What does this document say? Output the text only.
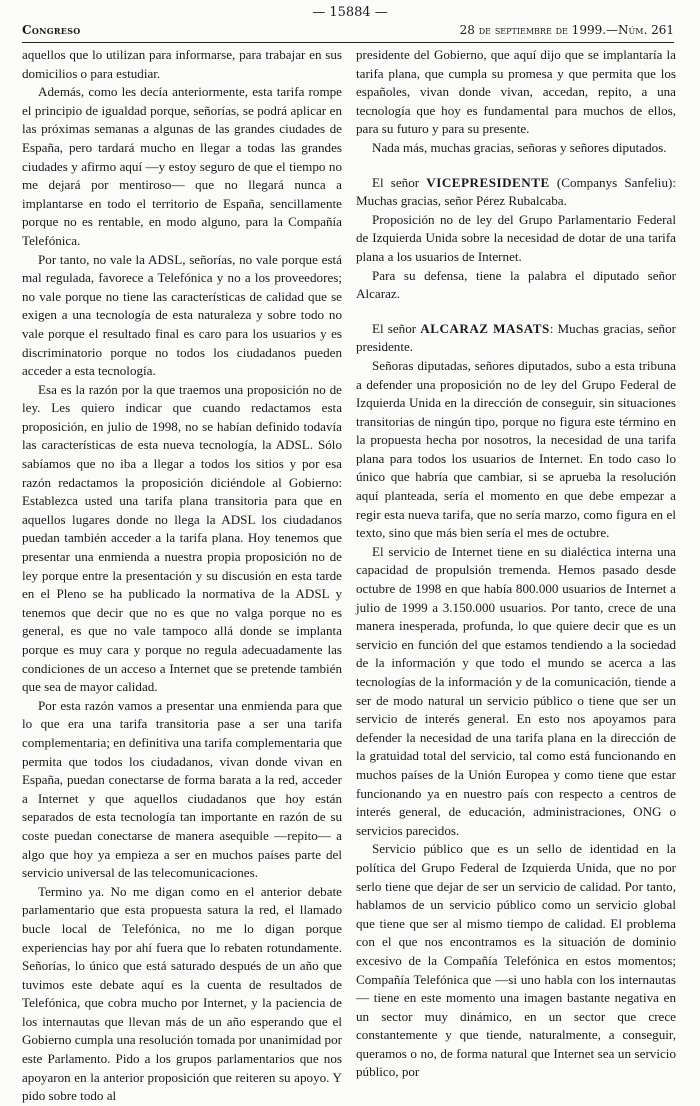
— 15884 —
Congreso	28 de septiembre de 1999.—Núm. 261

aquellos que lo utilizan para informarse, para trabajar en sus domicilios o para estudiar.

Además, como les decía anteriormente, esta tarifa rompe el principio de igualdad porque, señorías, se podrá aplicar en las próximas semanas a algunas de las grandes ciudades de España, pero tardará mucho en llegar a todas las grandes ciudades y afirmo aquí —y estoy seguro de que el tiempo no me dejará por mentiroso— que no llegará nunca a implantarse en todo el territorio de España, sencillamente porque no es rentable, en modo alguno, para la Compañía Telefónica.

Por tanto, no vale la ADSL, señorías, no vale porque está mal regulada, favorece a Telefónica y no a los proveedores; no vale porque no tiene las características de calidad que se exigen a una tecnología de esta naturaleza y sobre todo no vale porque el resultado final es caro para los usuarios y es discriminatorio porque no todos los ciudadanos pueden acceder a esta tecnología.

Esa es la razón por la que traemos una proposición no de ley. Les quiero indicar que cuando redactamos esta proposición, en julio de 1998, no se habían definido todavía las características de esta nueva tecnología, la ADSL. Sólo sabíamos que no iba a llegar a todos los sitios y por esa razón redactamos la proposición diciéndole al Gobierno: Establezca usted una tarifa plana transitoria para que en aquellos lugares donde no llega la ADSL los ciudadanos puedan también acceder a la tarifa plana. Hoy tenemos que presentar una enmienda a nuestra propia proposición no de ley porque entre la presentación y su discusión en esta tarde en el Pleno se ha publicado la normativa de la ADSL y tenemos que decir que no es que no valga porque no es general, es que no vale tampoco allá donde se implanta porque es muy cara y porque no regula adecuadamente las condiciones de un acceso a Internet que se pretende también que sea de mayor calidad.

Por esta razón vamos a presentar una enmienda para que lo que era una tarifa transitoria pase a ser una tarifa complementaria; en definitiva una tarifa complementaria que permita que todos los ciudadanos, vivan donde vivan en España, puedan conectarse de forma barata a la red, acceder a Internet y que aquellos ciudadanos que hoy están separados de esta tecnología tan importante en razón de su coste puedan conectarse de manera asequible —repito— a algo que hoy ya empieza a ser en muchos países parte del servicio universal de las telecomunicaciones.

Termino ya. No me digan como en el anterior debate parlamentario que esta propuesta satura la red, el llamado bucle local de Telefónica, no me lo digan porque experiencias hay por ahí fuera que lo rebaten rotundamente. Señorías, lo único que está saturado después de un año que tuvimos este debate aquí es la cuenta de resultados de Telefónica, que cobra mucho por Internet, y la paciencia de los internautas que llevan más de un año esperando que el Gobierno cumpla una resolución tomada por unanimidad por este Parlamento. Pido a los grupos parlamentarios que nos apoyaron en la anterior proposición que reiteren su apoyo. Y pido sobre todo al

presidente del Gobierno, que aquí dijo que se implantaría la tarifa plana, que cumpla su promesa y que permita que los españoles, vivan donde vivan, accedan, repito, a una tecnología que hoy es fundamental para muchos de ellos, para su futuro y para su presente.

Nada más, muchas gracias, señoras y señores diputados.

El señor VICEPRESIDENTE (Companys Sanfeliu): Muchas gracias, señor Pérez Rubalcaba.

Proposición no de ley del Grupo Parlamentario Federal de Izquierda Unida sobre la necesidad de dotar de una tarifa plana a los usuarios de Internet.

Para su defensa, tiene la palabra el diputado señor Alcaraz.

El señor ALCARAZ MASATS: Muchas gracias, señor presidente.

Señoras diputadas, señores diputados, subo a esta tribuna a defender una proposición no de ley del Grupo Federal de Izquierda Unida en la dirección de conseguir, sin situaciones transitorias de ningún tipo, porque no figura este término en la propuesta hecha por nosotros, la necesidad de una tarifa plana para todos los usuarios de Internet. En todo caso lo único que habría que cambiar, si se aprueba la resolución aquí planteada, sería el momento en que debe empezar a regir esta nueva tarifa, que no sería marzo, como figura en el texto, sino que más bien sería el mes de octubre.

El servicio de Internet tiene en su dialéctica interna una capacidad de propulsión tremenda. Hemos pasado desde octubre de 1998 en que había 800.000 usuarios de Internet a julio de 1999 a 3.150.000 usuarios. Por tanto, crece de una manera inesperada, profunda, lo que quiere decir que es un servicio en función del que estamos tendiendo a la sociedad de la información y que todo el mundo se acerca a las tecnologías de la información y de la comunicación, tiende a ser de modo natural un servicio público o tiene que ser un servicio de interés general. En esto nos apoyamos para defender la necesidad de una tarifa plana en la dirección de la gratuidad total del servicio, tal como está funcionando en muchos países de la Unión Europea y como tiene que estar funcionando ya en nuestro país con respecto a centros de interés general, de educación, administraciones, ONG o servicios parecidos.

Servicio público que es un sello de identidad en la política del Grupo Federal de Izquierda Unida, que no por serlo tiene que dejar de ser un servicio de calidad. Por tanto, hablamos de un servicio público como un servicio global que tiene que ser al mismo tiempo de calidad. El problema con el que nos encontramos es la situación de dominio excesivo de la Compañía Telefónica en estos momentos; Compañía Telefónica que —si uno habla con los internautas— tiene en este momento una imagen bastante negativa en un sector muy dinámico, en un sector que crece constantemente y que tiende, naturalmente, a conseguir, queramos o no, de forma natural que Internet sea un servicio público, por
